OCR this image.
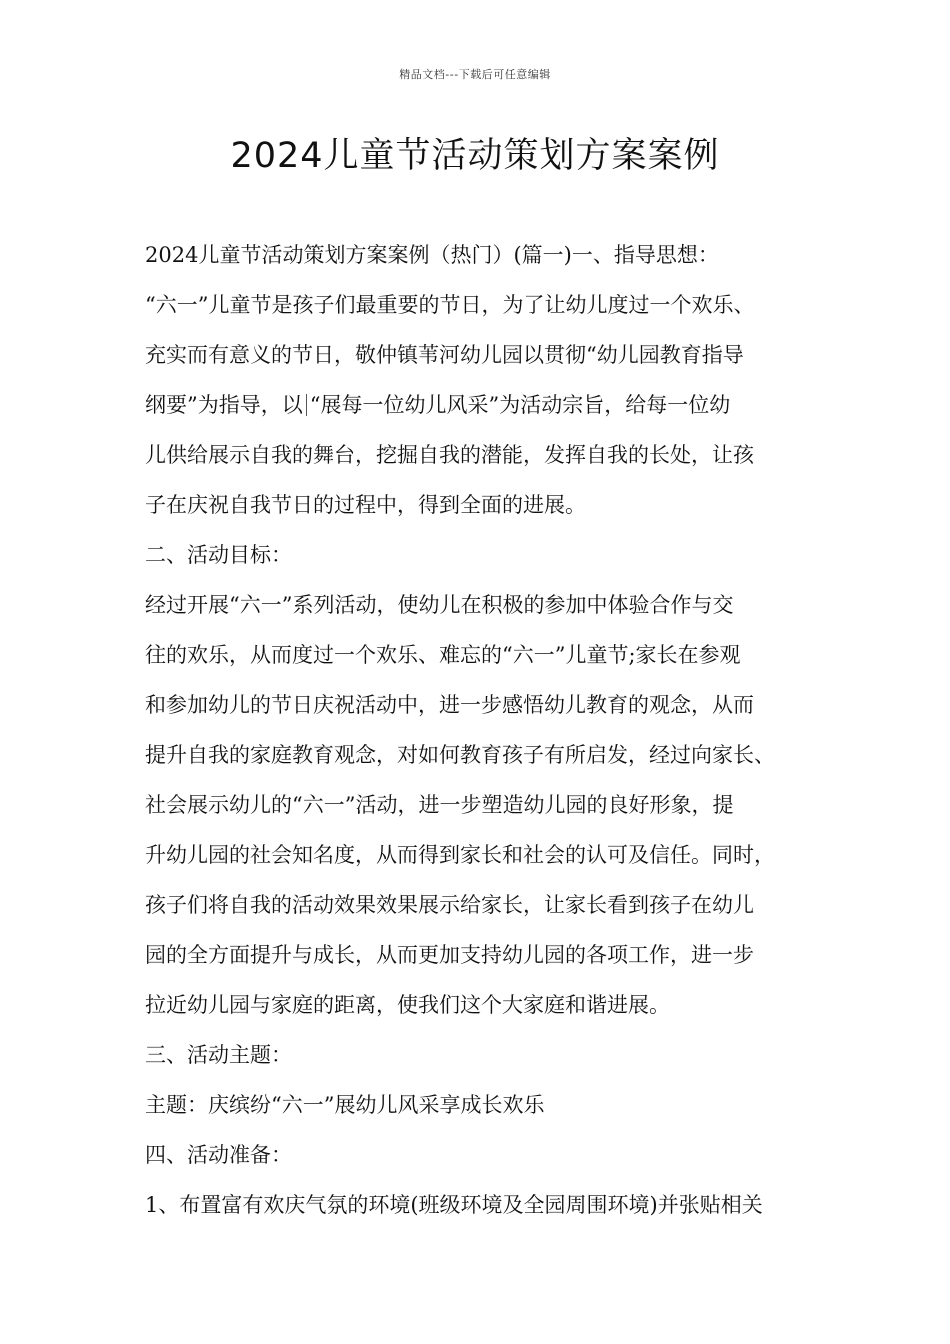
精品文档---下载后可任意编辑
2024儿童节活动策划方案案例
2024儿童节活动策划方案案例（热门）(篇一)一、指导思想：
“六一”儿童节是孩子们最重要的节日，为了让幼儿度过一个欢乐、
充实而有意义的节日，敬仲镇苇河幼儿园以贯彻“幼儿园教育指导
纲要”为指导，以 “展每一位幼儿风采”为活动宗旨，给每一位幼
儿供给展示自我的舞台，挖掘自我的潜能，发挥自我的长处，让孩
子在庆祝自我节日的过程中，得到全面的进展。
二、活动目标：
经过开展“六一”系列活动，使幼儿在积极的参加中体验合作与交
往的欢乐，从而度过一个欢乐、难忘的“六一”儿童节;家长在参观
和参加幼儿的节日庆祝活动中，进一步感悟幼儿教育的观念，从而
提升自我的家庭教育观念，对如何教育孩子有所启发，经过向家长、
社会展示幼儿的“六一”活动，进一步塑造幼儿园的良好形象，提
升幼儿园的社会知名度，从而得到家长和社会的认可及信任。同时，
孩子们将自我的活动效果效果展示给家长，让家长看到孩子在幼儿
园的全方面提升与成长，从而更加支持幼儿园的各项工作，进一步
拉近幼儿园与家庭的距离，使我们这个大家庭和谐进展。
三、活动主题：
主题：庆缤纷“六一”展幼儿风采享成长欢乐
四、活动准备：
1、布置富有欢庆气氛的环境(班级环境及全园周围环境)并张贴相关
